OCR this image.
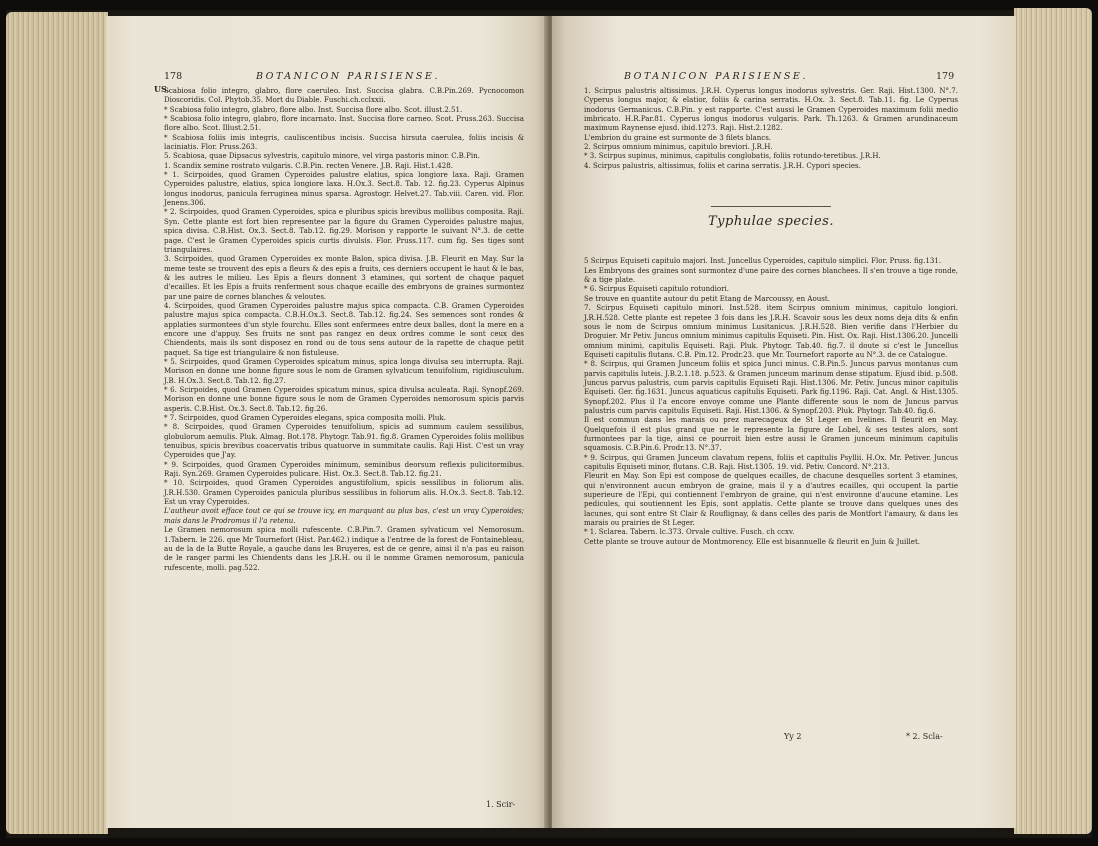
178	BOTANICON PARISIENSE.
US.

Scabiosa folio integro, glabro, flore caeruleo. Inst. Succisa glabra. C.B.Pin.269. Pycnocomon Dioscoridis. Col. Phytob.35. Mort du Diable. Fuschi.ch.cclxxii.

* Scabiosa folio integro, glabro, flore albo. Inst. Succisa flore albo. Scot. illust.2.51.

* Scabiosa folio integro, glabro, flore incarnato. Inst. Succisa flore carneo. Scot. Pruss.263. Succisa flore albo. Scot. Illust.2.51.

* Scabiosa foliis imis integris, cauliscentibus incisis. Succisa hirsuta caerulea, foliis incisis & laciniatis. Flor. Pruss.263.

5. Scabiosa, quae Dipsacus sylvestris, capitulo minore, vel virga pastoris minor. C.B.Pin.

1. Scandix semine rostrato vulgaris. C.B.Pin. recten Venere. J.B. Raji. Hist.1.428.

* 1. Scirpoides, quod Gramen Cyperoides palustre elatius, spica longiore laxa. Raji. Gramen Cyperoides palustre, elatius, spica longiore laxa. H.Ox.3. Sect.8. Tab. 12. fig.23. Cyperus Alpinus longus inodorus, panicula ferruginea minus sparsa. Agrostogr. Helvet.27. Tab.viii. Caren. vid. Flor. Jenens.306.

* 2. Scirpoides, quod Gramen Cyperoides, spica e pluribus spicis brevibus mollibus composita. Raji. Syn. Cette plante est fort bien representee par la figure du Gramen Cyperoides palustre majus, spica divisa. C.B.Hist. Ox.3. Sect.8. Tab.12. fig.29. Morison y rapporte le suivant N°.3. de cette page. C'est le Gramen Cyperoides spicis curtis divulsis. Flor. Pruss.117. cum fig. Ses tiges sont triangulaires.

3. Scirpoides, quod Gramen Cyperoides ex monte Balon, spica divisa. J.B. Fleurit en May. Sur la meme teste se trouvent des epis a fleurs & des epis a fruits, ces derniers occupent le haut & le bas, & les autres le milieu. Les Epis a fleurs donnent 3 etamines, qui sortent de chaque paquet d'ecailles. Et les Epis a fruits renferment sous chaque ecaille des embryons de graines surmontez par une paire de cornes blanches & veloutes.

4. Scirpoides, quod Gramen Cyperoides palustre majus spica compacta. C.B. Gramen Cyperoides palustre majus spica compacta. C.B.H.Ox.3. Sect.8. Tab.12. fig.24. Ses semences sont rondes & applaties surmontees d'un style fourchu. Elles sont enfermees entre deux balles, dont la mere en a encore une d'appuy. Ses fruits ne sont pas rangez en deux ordres comme le sont ceux des Chiendents, mais ils sont disposez en rond ou de tous sens autour de la rapette de chaque petit paquet. Sa tige est triangulaire & non fistuleuse.

* 5. Scirpoides, quod Gramen Cyperoides spicatum minus, spica longa divulsa seu interrupta. Raji. Morison en donne une bonne figure sous le nom de Gramen sylvaticum tenuifolium, rigidiusculum. J.B. H.Ox.3. Sect.8. Tab.12. fig.27.

* 6. Scirpoides, quod Gramen Cyperoides spicatum minus, spica divulsa aculeata. Raji. Synopf.269. Morison en donne une bonne figure sous le nom de Gramen Cyperoides nemorosum spicis parvis asperis. C.B.Hist. Ox.3. Sect.8. Tab.12. fig.26.

* 7. Scirpoides, quod Gramen Cyperoides elegans, spica composita molli. Pluk.

* 8. Scirpoides, quod Gramen Cyperoides tenuifolium, spicis ad summum caulem sessilibus, globulorum aemulis. Pluk. Almag. Bot.178. Phytogr. Tab.91. fig.8. Gramen Cyperoides foliis mollibus tenuibus, spicis brevibus coacervatis tribus quatuorve in summitate caulis. Raji Hist. C'est un vray Cyperoides que J'ay.

* 9. Scirpoides, quod Gramen Cyperoides minimum, seminibus deorsum reflexis pulicitormibus. Raji. Syn.269. Gramen Cyperoides pulicare. Hist. Ox.3. Sect.8. Tab.12. fig.21.

* 10. Scirpoides, quod Gramen Cyperoides angustifolium, spicis sessilibus in foliorum alis. J.R.H.530. Gramen Cyperoides panicula pluribus sessilibus in foliorum alis. H.Ox.3. Sect.8. Tab.12. Est un vray Cyperoides.

L'autheur avoit efface tout ce qui se trouve icy, en marquant au plus bas, c'est un vray Cyperoides; mais dans le Prodromus il l'a retenu.

Le Gramen nemorosum spica molli rufescente. C.B.Pin.7. Gramen sylvaticum vel Nemorosum. 1.Tabern. le 226. que Mr Tournefort (Hist. Par.462.) indique a l'entree de la forest de Fontainebleau, au de la de la Butte Royale, a gauche dans les Bruyeres, est de ce genre, ainsi il n'a pas eu raison de le ranger parmi les Chiendents dans les J.R.H. ou il le nomme Gramen nemorosum, panicula rufescente, molli. pag.522.

1. Scir-
BOTANICON PARISIENSE.	179

1. Scirpus palustris altissimus. J.R.H. Cyperus longus inodorus sylvestris. Ger. Raji. Hist.1300. N°.7. Cyperus longus major, & elatior, foliis & carina serratis. H.Ox. 3. Sect.8. Tab.11. fig. Le Cyperus inodorus Germanicus. C.B.Pin. y est rapporte. C'est aussi le Gramen Cyperoides maximum folii medio imbricato. H.R.Par.81. Cyperus longus inodorus vulgaris. Park. Th.1263. & Gramen arundinaceum maximum Raynense ejusd. ibid.1273. Raji. Hist.2.1282.

L'embrion du graine est surmonte de 3 filets blancs.

2. Scirpus omnium minimus, capitulo breviori. J.R.H.

* 3. Scirpus supinus, minimus, capitulis conglobatis, foliis rotundo-teretibus. J.R.H.

4. Scirpus palustris, altissimus, foliis et carina serratis. J.R.H. Cypori species.

Typhulae species.

5 Scirpus Equiseti capitulo majori. Inst. Juncellus Cyperoides, capitulo simplici. Flor. Pruss. fig.131.

Les Embryons des graines sont surmontez d'une paire des cornes blanchees. Il s'en trouve a tige ronde, & a tige plate.

* 6. Scirpus Equiseti capitulo rotundiori.

Se trouve en quantite autour du petit Etang de Marcoussy, en Aoust.

7. Scirpus Equiseti capitulo minori. Inst.528. item Scirpus omnium minimus, capitulo longiori. J.R.H.528. Cette plante est repetee 3 fois dans les J.R.H. Scavoir sous les deux noms deja dits & enfin sous le nom de Scirpus omnium minimus Lusitanicus. J.R.H.528. Bien verifie dans l'Herbier du Droguier. Mr Petiv. Juncus omnium minimus capitulis Equiseti. Pin. Hist. Ox. Raji. Hist.1306.20. Juncelli omnium minimi, capitulis Equiseti. Raji. Pluk. Phytogr. Tab.40. fig.7. il doute si c'est le Juncellus Equiseti capitulis flutans. C.B. Pin.12. Prodr.23. que Mr. Tournefort raporte au N°.3. de ce Catalogue.

* 8. Scirpus, qui Gramen Junceum foliis et spica Junci minus. C.B.Pin.5. Juncus parvus montanus cum parvis capitulis luteis. J.B.2.1.18. p.523. & Gramen junceum marinum dense stipatum. Ejusd ibid. p.508. Juncus parvus palustris, cum parvis capitulis Equiseti Raji. Hist.1306. Mr. Petiv. Juncus minor capitulis Equiseti. Ger. fig.1631. Juncus aquaticus capitulis Equiseti. Park fig.1196. Raji. Cat. Angl. & Hist.1305. Synopf.202. Plus il l'a encore envoye comme une Plante differente sous le nom de Juncus parvus palustris cum parvis capitulis Equiseti. Raji. Hist.1306. & Synopf.203. Pluk. Phytogr. Tab.40. fig.6.

Il est commun dans les marais ou prez marecageux de St Leger en Ivelines. Il fleurit en May. Quelquefois il est plus grand que ne le represente la figure de Lobel, & ses testes alors, sont furmontees par la tige, ainsi ce pourroit bien estre aussi le Gramen junceum minimum capitulis squamosis. C.B.Pin.6. Prodr.13. N°.37.

* 9. Scirpus, qui Gramen Junceum clavatum repens, foliis et capitulis Psyllii. H.Ox. Mr. Petiver. Juncus capitulis Equiseti minor, flutans. C.B. Raji. Hist.1305. 19. vid. Petiv. Concord. N°.213.

Fleurit en May. Son Epi est compose de quelques ecailles, de chacune desquelles sortent 3 etamines, qui n'environnent aucun embryon de graine, mais il y a d'autres ecailles, qui occupent la partie superieure de l'Epi, qui contiennent l'embryon de graine, qui n'est environne d'aucune etamine. Les pedicules, qui soutiennent les Epis, sont applatis. Cette plante se trouve dans quelques unes des lacunes, qui sont entre St Clair & Rouflignay, & dans celles des paris de Montfort l'amaury, & dans les marais ou prairies de St Leger.

* 1. Sclarea. Tabern. lc.373. Orvale cultive. Fusch. ch ccxv.

Cette plante se trouve autour de Montmorency. Elle est bisannuelle & fleurit en Juin & Juillet.

Yy 2	* 2. Scla-
